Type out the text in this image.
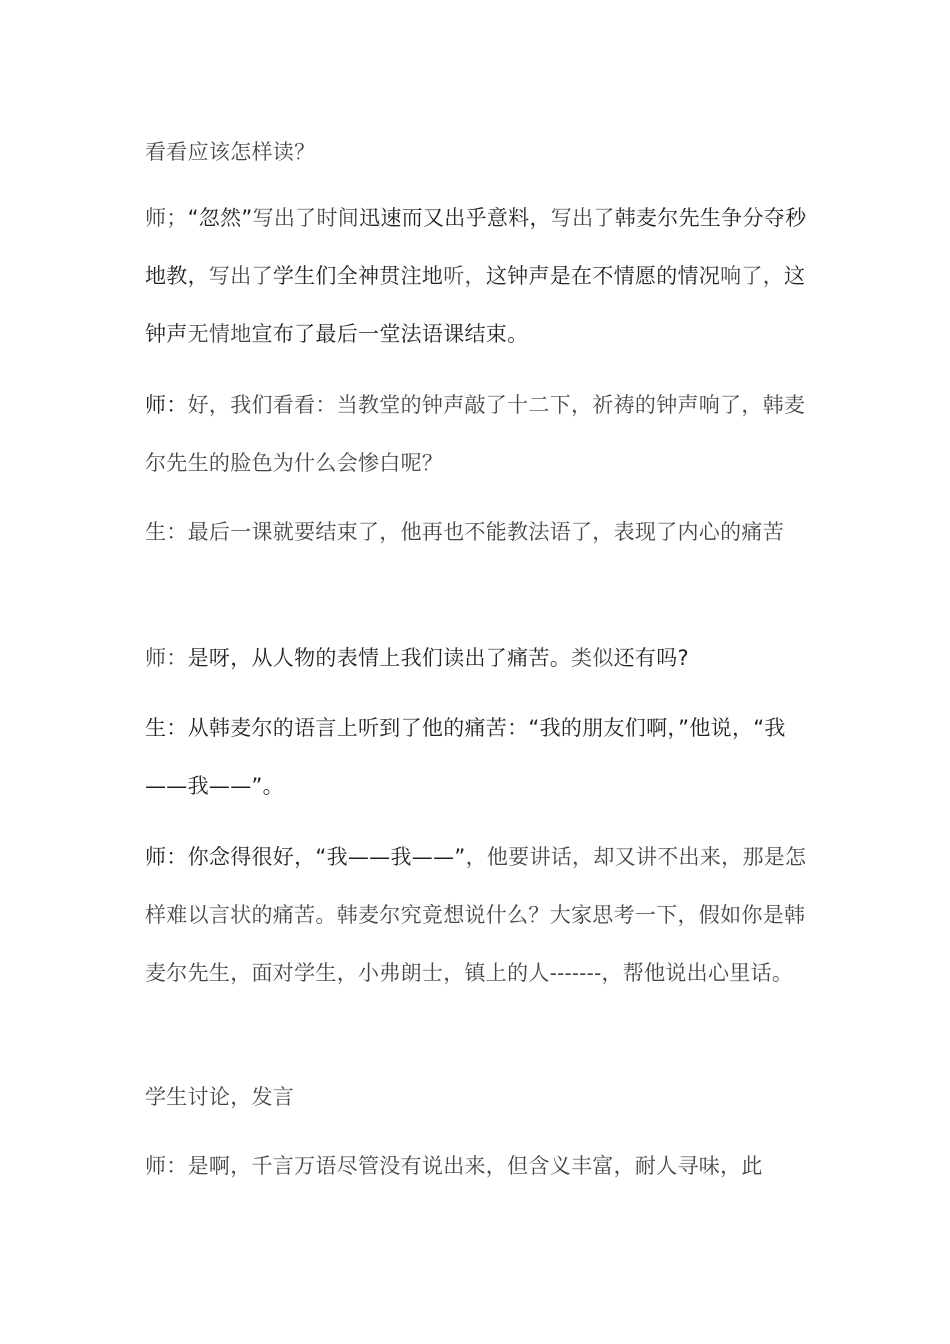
看看应该怎样读？
师；“忽然”写出了时间迅速而又出乎意料，写出了韩麦尔先生争分夺秒地教，写出了学生们全神贯注地听，这钟声是在不情愿的情况响了，这钟声无情地宣布了最后一堂法语课结束。
师：好，我们看看：当教堂的钟声敲了十二下，祈祷的钟声响了，韩麦尔先生的脸色为什么会惨白呢？
生：最后一课就要结束了，他再也不能教法语了，表现了内心的痛苦
师：是呀，从人物的表情上我们读出了痛苦。类似还有吗?
生：从韩麦尔的语言上听到了他的痛苦：“我的朋友们啊，”他说，“我——我——”。
师：你念得很好，“我——我——”，他要讲话，却又讲不出来，那是怎样难以言状的痛苦。韩麦尔究竟想说什么？大家思考一下，假如你是韩麦尔先生，面对学生，小弗朗士，镇上的人-------，帮他说出心里话。
学生讨论，发言
师：是啊，千言万语尽管没有说出来，但含义丰富，耐人寻味，此
